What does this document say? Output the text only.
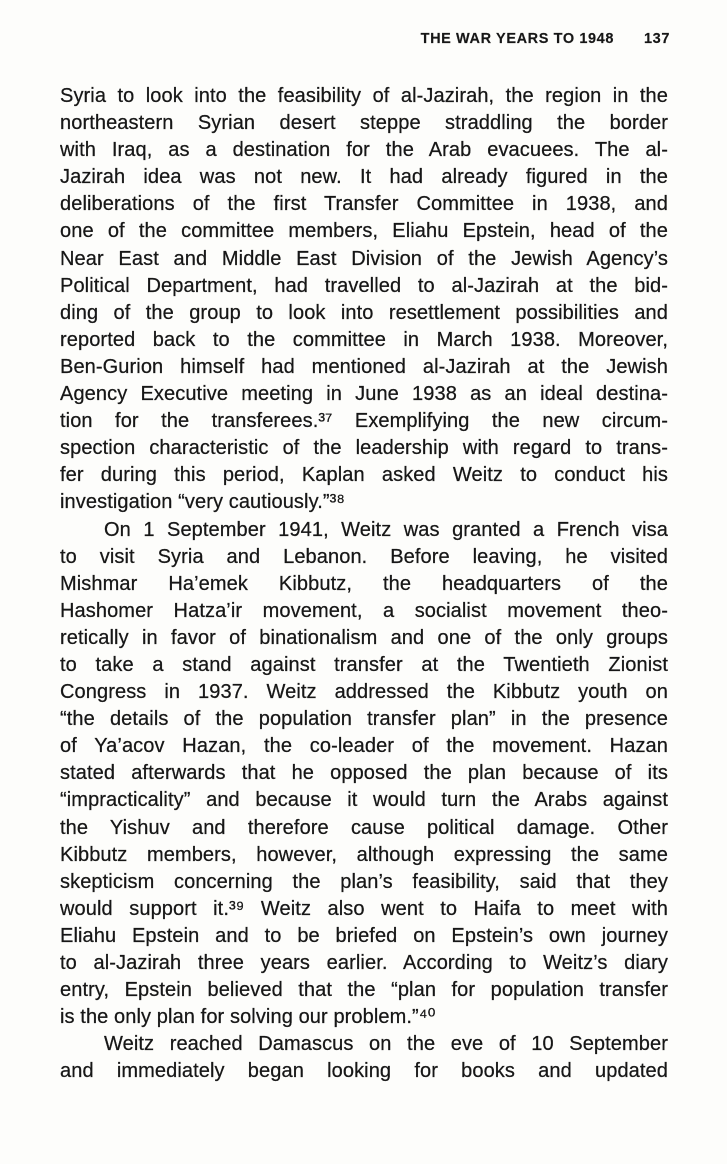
THE WAR YEARS TO 1948 137
Syria to look into the feasibility of al-Jazirah, the region in the
northeastern Syrian desert steppe straddling the border
with Iraq, as a destination for the Arab evacuees. The al-
Jazirah idea was not new. It had already figured in the
deliberations of the first Transfer Committee in 1938, and
one of the committee members, Eliahu Epstein, head of the
Near East and Middle East Division of the Jewish Agency’s
Political Department, had travelled to al-Jazirah at the bid-
ding of the group to look into resettlement possibilities and
reported back to the committee in March 1938. Moreover,
Ben-Gurion himself had mentioned al-Jazirah at the Jewish
Agency Executive meeting in June 1938 as an ideal destina-
tion for the transferees.³⁷ Exemplifying the new circum-
spection characteristic of the leadership with regard to trans-
fer during this period, Kaplan asked Weitz to conduct his
investigation “very cautiously.”³⁸
On 1 September 1941, Weitz was granted a French visa
to visit Syria and Lebanon. Before leaving, he visited
Mishmar Ha’emek Kibbutz, the headquarters of the
Hashomer Hatza’ir movement, a socialist movement theo-
retically in favor of binationalism and one of the only groups
to take a stand against transfer at the Twentieth Zionist
Congress in 1937. Weitz addressed the Kibbutz youth on
“the details of the population transfer plan” in the presence
of Ya’acov Hazan, the co-leader of the movement. Hazan
stated afterwards that he opposed the plan because of its
“impracticality” and because it would turn the Arabs against
the Yishuv and therefore cause political damage. Other
Kibbutz members, however, although expressing the same
skepticism concerning the plan’s feasibility, said that they
would support it.³⁹ Weitz also went to Haifa to meet with
Eliahu Epstein and to be briefed on Epstein’s own journey
to al-Jazirah three years earlier. According to Weitz’s diary
entry, Epstein believed that the “plan for population transfer
is the only plan for solving our problem.”⁴⁰
Weitz reached Damascus on the eve of 10 September
and immediately began looking for books and updated
